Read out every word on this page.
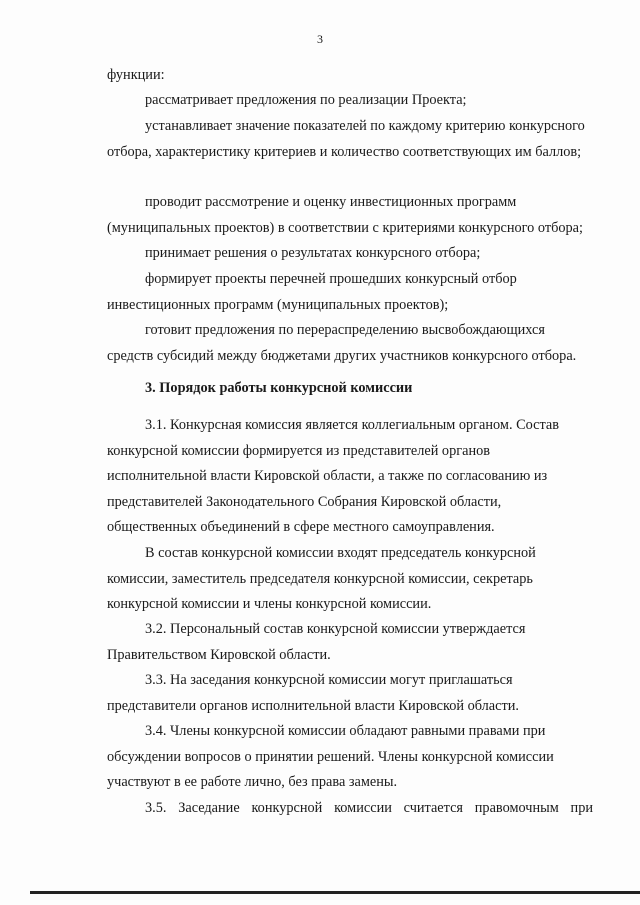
3

функции:

рассматривает предложения по реализации Проекта;

устанавливает значение показателей по каждому критерию конкурсного отбора, характеристику критериев и количество соответствующих им баллов;

проводит рассмотрение и оценку инвестиционных программ (муниципальных проектов) в соответствии с критериями конкурсного отбора;

принимает решения о результатах конкурсного отбора;

формирует проекты перечней прошедших конкурсный отбор инвестиционных программ (муниципальных проектов);

готовит предложения по перераспределению высвобождающихся средств субсидий между бюджетами других участников конкурсного отбора.

3. Порядок работы конкурсной комиссии

3.1. Конкурсная комиссия является коллегиальным органом. Состав конкурсной комиссии формируется из представителей органов исполнительной власти Кировской области, а также по согласованию из представителей Законодательного Собрания Кировской области, общественных объединений в сфере местного самоуправления.

В состав конкурсной комиссии входят председатель конкурсной комиссии, заместитель председателя конкурсной комиссии, секретарь конкурсной комиссии и члены конкурсной комиссии.

3.2. Персональный состав конкурсной комиссии утверждается Правительством Кировской области.

3.3. На заседания конкурсной комиссии могут приглашаться представители органов исполнительной власти Кировской области.

3.4. Члены конкурсной комиссии обладают равными правами при обсуждении вопросов о принятии решений. Члены конкурсной комиссии участвуют в ее работе лично, без права замены.

3.5. Заседание конкурсной комиссии считается правомочным при
